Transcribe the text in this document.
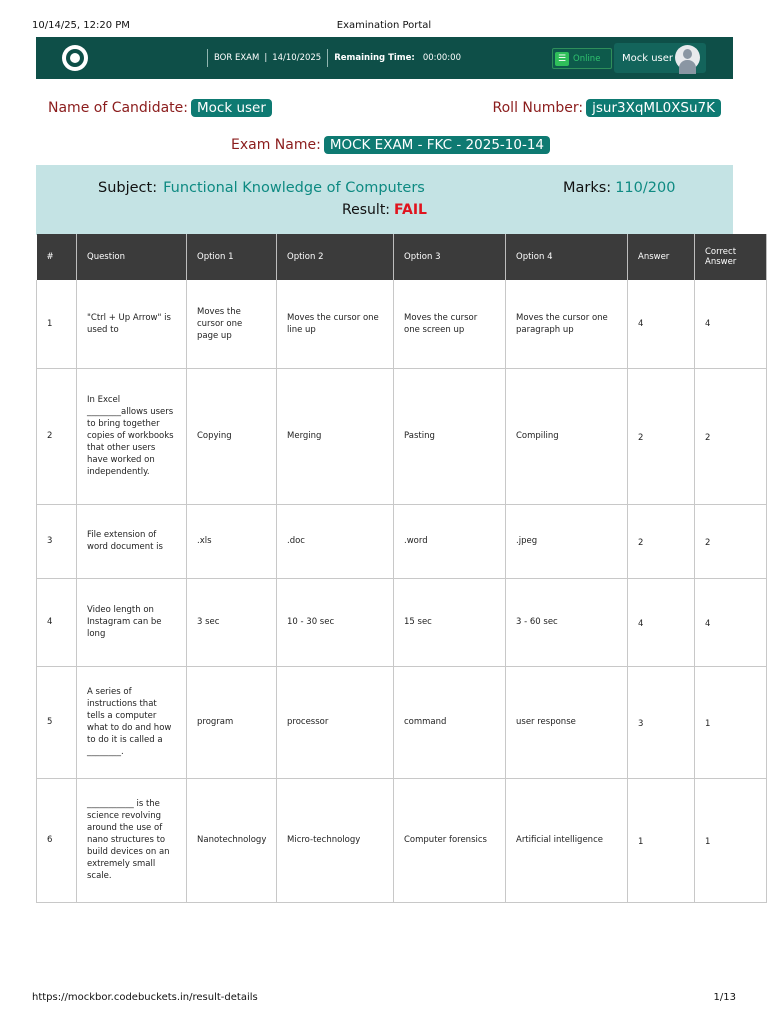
10/14/25, 12:20 PM	Examination Portal
BOR EXAM | 14/10/2025 Remaining Time: 00:00:00	☰ Online Mock user
Name of Candidate: Mock user	Roll Number: jsur3XqML0XSu7K
Exam Name: MOCK EXAM - FKC - 2025-10-14
Subject: Functional Knowledge of Computers	Marks: 110/200
Result: FAIL
#	Question	Option 1	Option 2	Option 3	Option 4	Answer	Correct Answer
1	"Ctrl + Up Arrow" is used to	Moves the cursor one page up	Moves the cursor one line up	Moves the cursor one screen up	Moves the cursor one paragraph up	4	4
2	In Excel ________allows users to bring together copies of workbooks that other users have worked on independently.	Copying	Merging	Pasting	Compiling	2	2
3	File extension of word document is	.xls	.doc	.word	.jpeg	2	2
4	Video length on Instagram can be long	3 sec	10 - 30 sec	15 sec	3 - 60 sec	4	4
5	A series of instructions that tells a computer what to do and how to do it is called a ________.	program	processor	command	user response	3	1
6	___________ is the science revolving around the use of nano structures to build devices on an extremely small scale.	Nanotechnology	Micro-technology	Computer forensics	Artificial intelligence	1	1
https://mockbor.codebuckets.in/result-details	1/13
